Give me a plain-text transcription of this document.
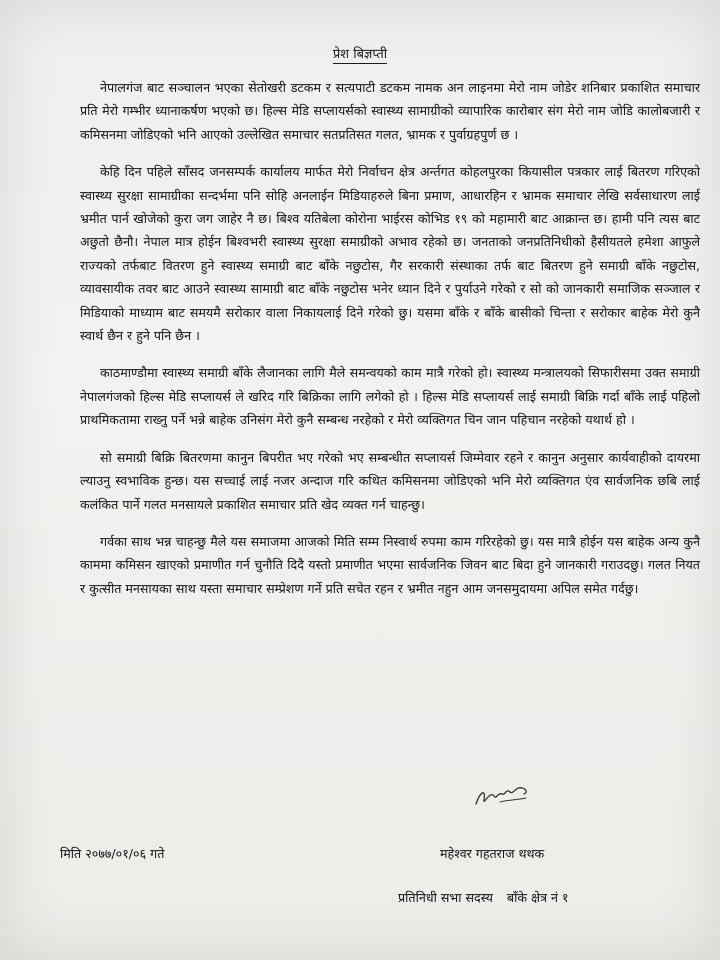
प्रेश बिज्ञप्ती

नेपालगंज बाट सञ्चालन भएका सेतोखरी डटकम र सत्यपाटी डटकम नामक अन लाइनमा मेरो नाम जोडेर शनिबार प्रकाशित समाचार प्रति मेरो गम्भीर ध्यानाकर्षण भएको छ। हिल्स मेडि सप्लायर्सको स्वास्थ्य सामाग्रीको व्यापारिक कारोबार संग मेरो नाम जोडि कालोबजारी र कमिसनमा जोडिएको भनि आएको उल्लेखित समाचार सतप्रतिसत गलत, भ्रामक र पुर्वाग्रहपुर्ण छ ।

केहि दिन पहिले साँसद जनसम्पर्क कार्यालय मार्फत मेरो निर्वाचन क्षेत्र अर्न्तगत कोहलपुरका कियासील पत्रकार लाई बितरण गरिएको स्वास्थ्य सुरक्षा सामाग्रीका सन्दर्भमा पनि सोहि अनलाईन मिडियाहरुले बिना प्रमाण, आधारहिन र भ्रामक समाचार लेखि सर्वसाधारण लाई भ्रमीत पार्न खोजेको कुरा जग जाहेर नै छ। बिश्व यतिबेला कोरोना भाईरस कोभिड १९ को महामारी बाट आक्रान्त छ। हामी पनि त्यस बाट अछुतो छैनौ। नेपाल मात्र होईन बिश्वभरी स्वास्थ्य सुरक्षा समाग्रीको अभाव रहेको छ। जनताको जनप्रतिनिधीको हैसीयतले हमेशा आफुले राज्यको तर्फबाट वितरण हुने स्वास्थ्य समाग्री बाट बाँके नछुटोस, गैर सरकारी संस्थाका तर्फ बाट बितरण हुने समाग्री बाँके नछुटोस, व्यावसायीक तवर बाट आउने स्वास्थ्य सामाग्री बाट बाँके नछुटोस भनेर ध्यान दिने र पुर्याउने गरेको र सो को जानकारी समाजिक सञ्जाल र मिडियाको माध्याम बाट समयमै सरोकार वाला निकायलाई दिने गरेको छु। यसमा बाँके र बाँके बासीको चिन्ता र सरोकार बाहेक मेरो कुनै स्वार्थ छैन र हुने पनि छैन ।

काठमाण्डौमा स्वास्थ्य समाग्री बाँके लैजानका लागि मैले समन्वयको काम मात्रै गरेको हो। स्वास्थ्य मन्त्रालयको सिफारीसमा उक्त समाग्री नेपालगंजको हिल्स मेडि सप्लायर्स ले खरिद गरि बिक्रिका लागि लगेको हो । हिल्स मेडि सप्लायर्स लाई समाग्री बिक्रि गर्दा बाँके लाई पहिलो प्राथमिकतामा राख्नु पर्ने भन्ने बाहेक उनिसंग मेरो कुनै सम्बन्ध नरहेको र मेरो व्यक्तिगत चिन जान पहिचान नरहेको यथार्थ हो ।

सो समाग्री बिक्रि बितरणमा कानुन बिपरीत भए गरेको भए सम्बन्धीत सप्लायर्स जिम्मेवार रहने र कानुन अनुसार कार्यवाहीको दायरमा ल्याउनु स्वभाविक हुन्छ। यस सच्चाई लाई नजर अन्दाज गरि कथित कमिसनमा जोडिएको भनि मेरो व्यक्तिगत एंव सार्वजनिक छबि लाई कलंकित पार्ने गलत मनसायले प्रकाशित समाचार प्रति खेद व्यक्त गर्न चाहन्छु।

गर्वका साथ भन्न चाहन्छु मैले यस समाजमा आजको मिति सम्म निस्वार्थ रुपमा काम गरिरहेको छु। यस मात्रै होईन यस बाहेक अन्य कुनै काममा कमिसन खाएको प्रमाणीत गर्न चुनौति दिदै यस्तो प्रमाणीत भएमा सार्वजनिक जिवन बाट बिदा हुने जानकारी गराउदछु। गलत नियत र कुत्सीत मनसायका साथ यस्ता समाचार सम्प्रेशण गर्ने प्रति सचेत रहन र भ्रमीत नहुन आम जनसमुदायमा अपिल समेत गर्दछु।

मिति २०७७/०१/०६ गते	महेश्वर गहतराज थथक
प्रतिनिधी सभा सदस्य बाँके क्षेत्र नं १
